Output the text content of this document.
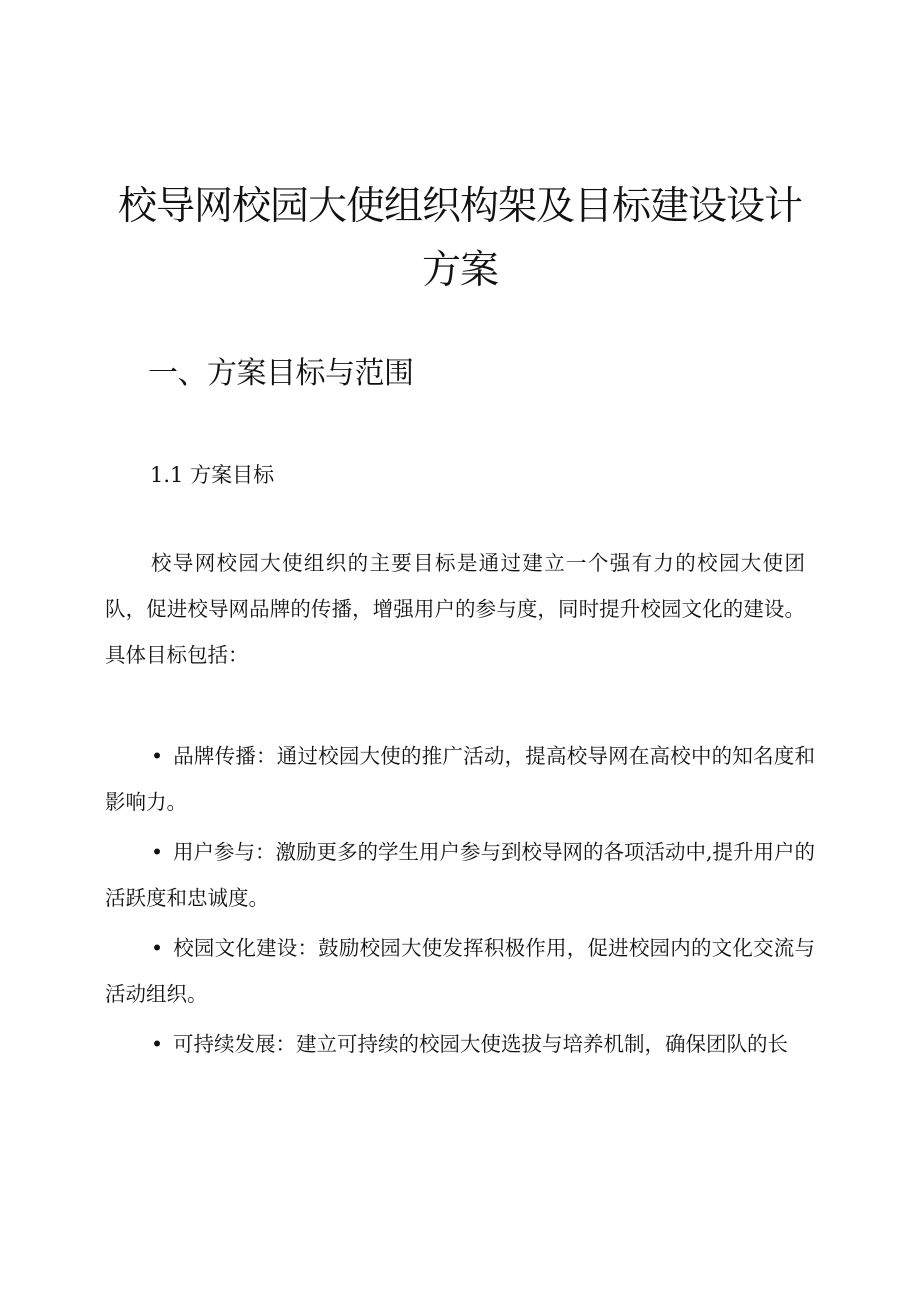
校导网校园大使组织构架及目标建设设计
方案
一、方案目标与范围
1.1 方案目标

校导网校园大使组织的主要目标是通过建立一个强有力的校园大使团队，促进校导网品牌的传播，增强用户的参与度，同时提升校园文化的建设。具体目标包括：

• 品牌传播：通过校园大使的推广活动，提高校导网在高校中的知名度和影响力。
• 用户参与：激励更多的学生用户参与到校导网的各项活动中,提升用户的活跃度和忠诚度。
• 校园文化建设：鼓励校园大使发挥积极作用，促进校园内的文化交流与活动组织。
• 可持续发展：建立可持续的校园大使选拔与培养机制，确保团队的长
